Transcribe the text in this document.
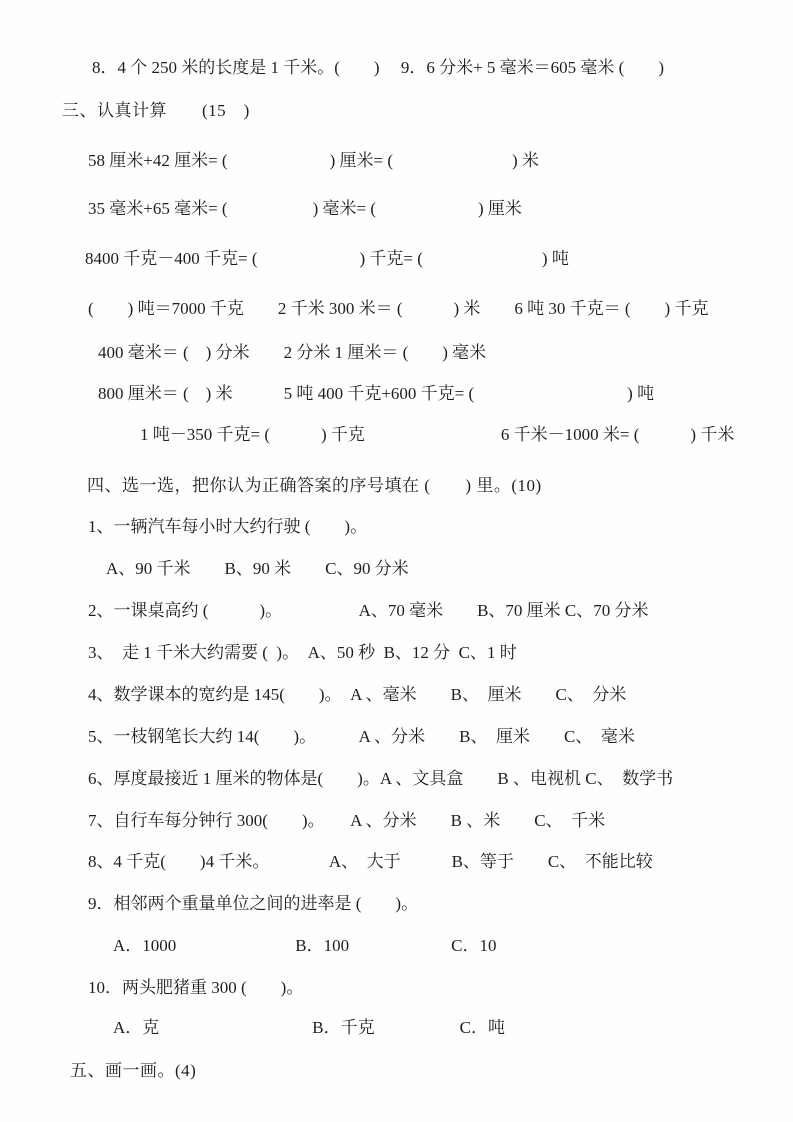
8．4 个 250 米的长度是 1 千米。(　　)　 9．6 分米+ 5 毫米＝605 毫米 (　　)
三、认真计算　　(15　)
58 厘米+42 厘米= (　　　　　　) 厘米= (　　　　　　　) 米
35 毫米+65 毫米= (　　　　　) 毫米= (　　　　　　) 厘米
8400 千克－400 千克= (　　　　　　) 千克= (　　　　　　　) 吨
(　　) 吨＝7000 千克　　2 千米 300 米＝ (　　　) 米　　6 吨 30 千克＝ (　　) 千克
400 毫米＝ (　) 分米　　2 分米 1 厘米＝ (　　) 毫米
800 厘米＝ (　) 米　　　5 吨 400 千克+600 千克= (　　　　　　　　　) 吨
1 吨－350 千克= (　　　) 千克　　　　　　　　6 千米－1000 米= (　　　) 千米
四、选一选，把你认为正确答案的序号填在 (　　) 里。(10)
1、一辆汽车每小时大约行驶 (　　)。
A、90 千米　　B、90 米　　C、90 分米
2、一课桌高约 (　　　)。　　　　　A、70 毫米　　B、70 厘米 C、70 分米
3、　走 1 千米大约需要 (  )。　A、50 秒  B、12 分  C、1 时
4、数学课本的宽约是 145(　　)。　A 、毫米　　B、　厘米　　C、　分米
5、一枝钢笔长大约 14(　　)。　　　A 、分米　　B、　厘米　　C、　毫米
6、厚度最接近 1 厘米的物体是(　　)。A 、文具盒　　B 、电视机 C、　数学书
7、自行车每分钟行 300(　　)。　　A 、分米　　B 、米　　C、　千米
8、4 千克(　　)4 千米。　　　　A、　大于　　　B、等于　　C、　不能比较
9．相邻两个重量单位之间的进率是 (　　)。
A．1000　　　　　　　B．100　　　　　　C．10
10．两头肥猪重 300 (　　)。
A．克　　　　　　　　　B．千克　　　　　C．吨
五、画一画。(4)
